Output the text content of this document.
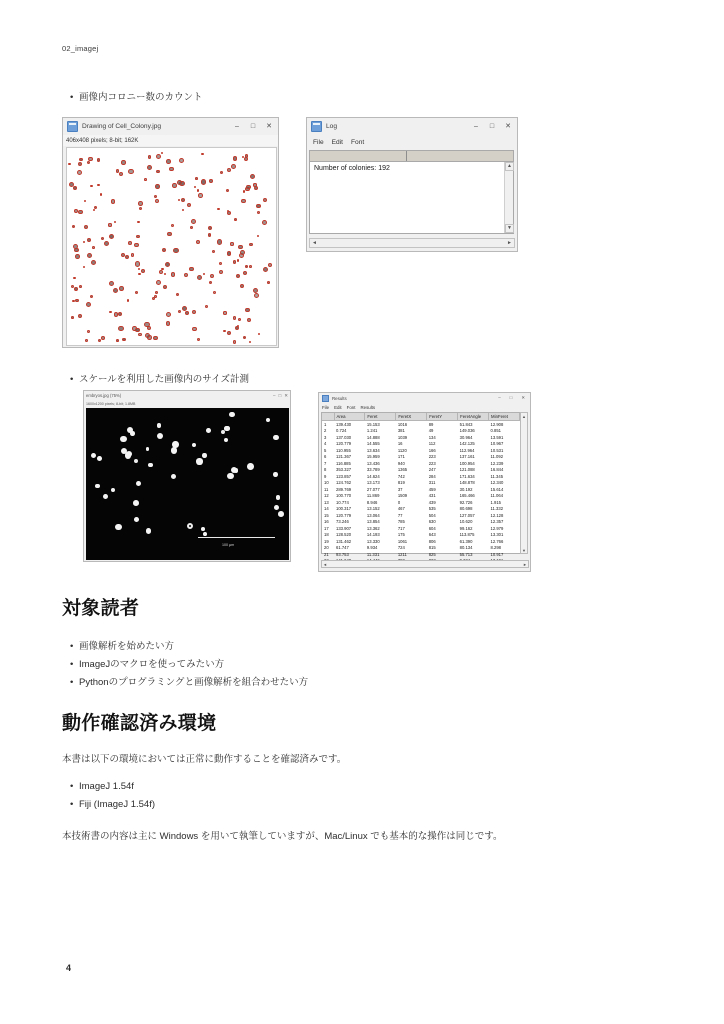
02_imagej
• 画像内コロニー数のカウント
Drawing of Cell_Colony.jpg	–	□	✕
406x408 pixels; 8-bit; 162K
Log	–	□	✕
File Edit Font
Number of colonies: 192	▲
▼
◄	►
• スケールを利用した画像内のサイズ計測
embryos.jpg (75%)	– □ ✕
1600x1200 pixels; 8-bit; 1.8MB
100 µm
Results	– □ ✕
File Edit Font Results
	Area	Feret	FeretX	FeretY	FeretAngle	MinFeret
1	139.430	15.153	1016	89	51.843	12.908
2	0.724	1.241	381	49	149.036	0.851
3	137.030	14.888	1039	134	30.964	13.591
4	120.779	14.555	16	112	142.125	10.967
5	110.955	13.634	1120	166	112.964	10.531
6	121.367	15.959	171	223	137.161	11.092
7	116.885	13.436	940	223	100.954	12.239
8	353.327	33.789	1365	247	121.088	16.844
9	123.857	14.624	742	284	171.634	11.345
10	124.762	13.173	819	311	148.878	12.340
11	289.769	27.077	37	459	30.192	15.614
12	100.770	11.869	1509	431	165.466	11.064
13	10.774	8.946	0	439	92.726	1.915
14	100.317	13.152	467	535	80.698	11.332
15	120.779	13.064	77	504	127.057	12.128
16	73.246	13.854	785	630	10.620	12.357
17	133.907	13.362	717	604	99.162	12.979
18	128.520	14.193	175	643	113.875	13.301
19	131.462	13.330	1061	806	61.390	12.766
20	61.747	9.934	724	815	80.134	8.298
21	93.753	11.331	1211	825	55.713	10.917

▲
▼
◄	►
対象読者
• 画像解析を始めたい方
• ImageJのマクロを使ってみたい方
• Pythonのプログラミングと画像解析を組合わせたい方
動作確認済み環境
本書は以下の環境においては正常に動作することを確認済みです。
• ImageJ 1.54f
• Fiji (ImageJ 1.54f)
本技術書の内容は主に Windows を用いて執筆していますが、Mac/Linux でも基本的な操作は同じです。
4
